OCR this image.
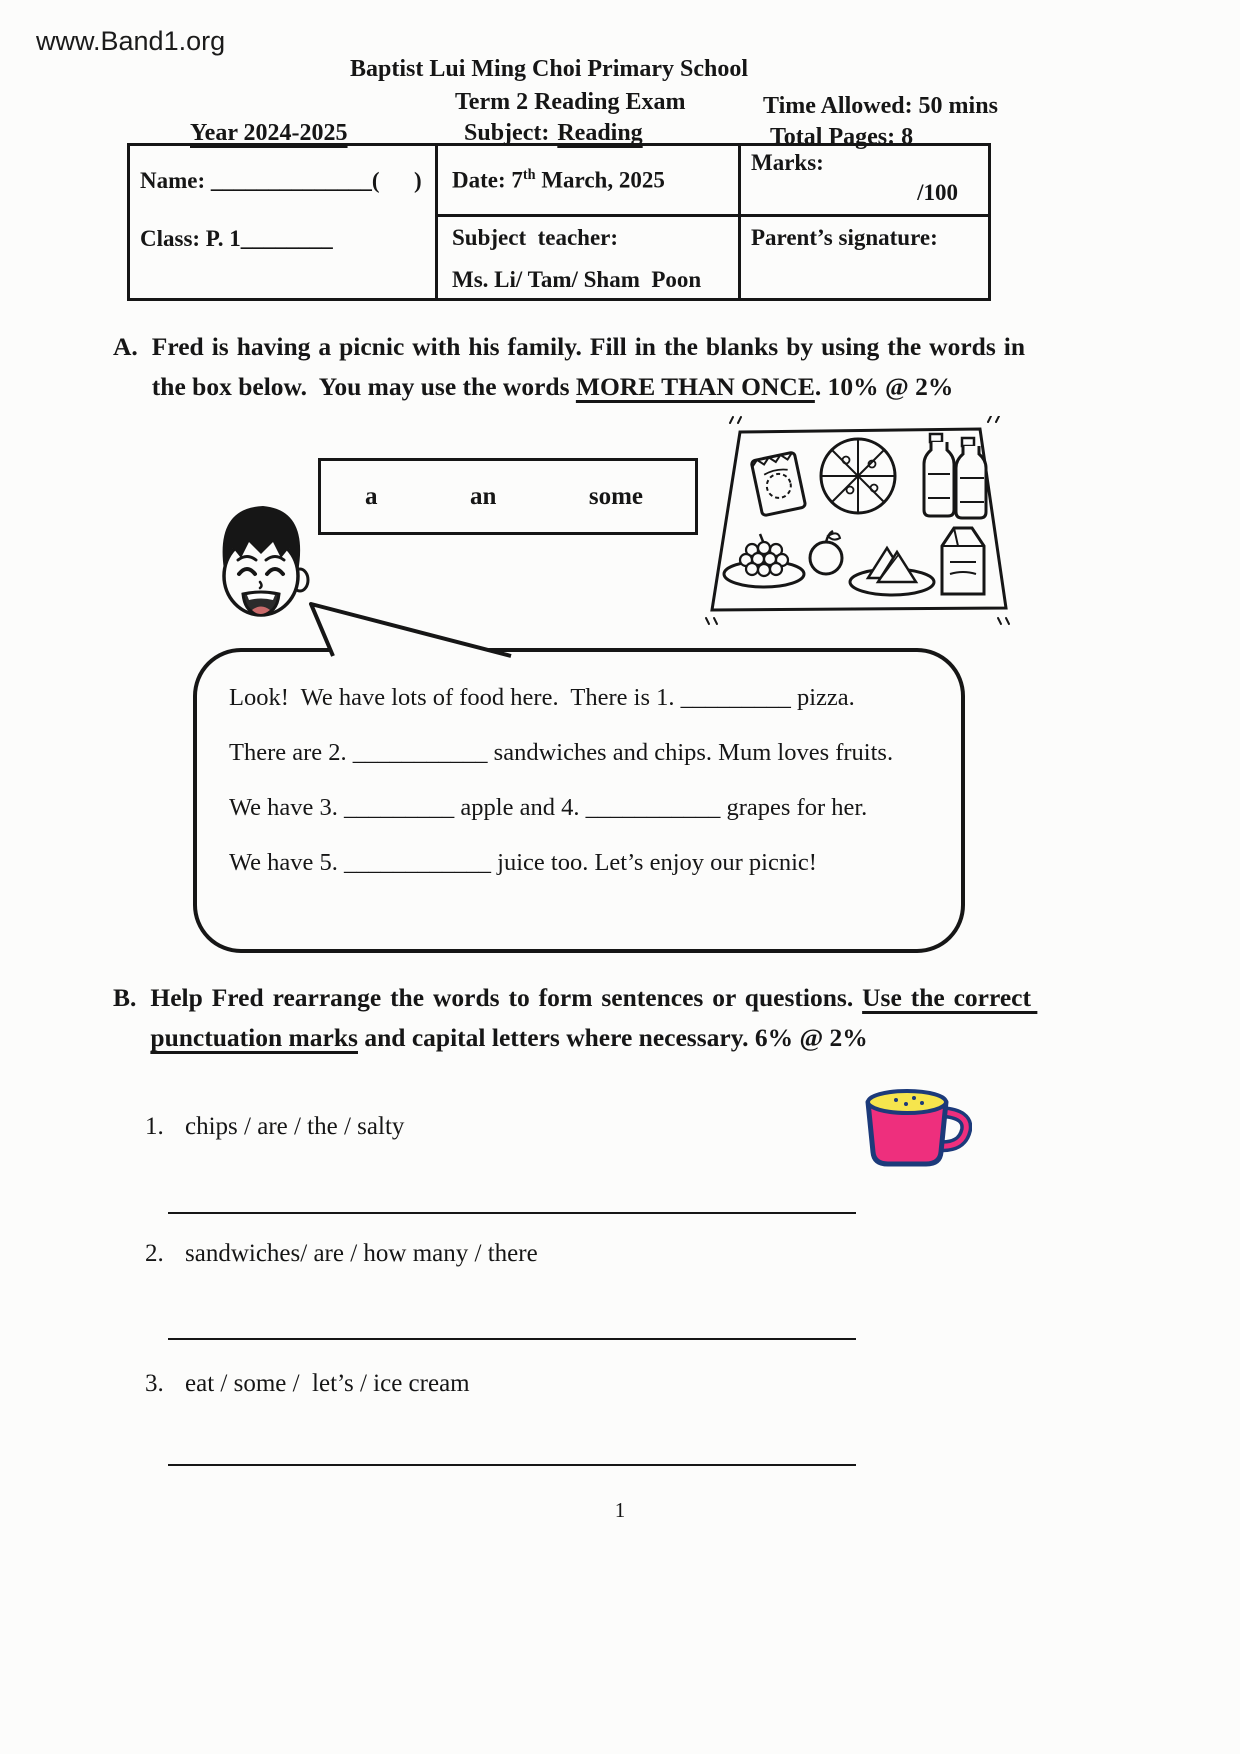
www.Band1.org
Baptist Lui Ming Choi Primary School
Term 2 Reading Exam	Time Allowed: 50 mins
Subject: Reading	Total Pages: 8
Year 2024-2025
Name: ______________(      )
Class: P. 1________
Date: 7th March, 2025
Marks:
/100
Subject  teacher:
Ms. Li/ Tam/ Sham  Poon
Parent’s signature:
A. Fred is having a picnic with his family. Fill in the blanks by using the words in the box below.  You may use the words MORE THAN ONCE. 10% @ 2%
a	an	some

Look!  We have lots of food here.  There is 1. _________ pizza.

There are 2. ___________ sandwiches and chips. Mum loves fruits.

We have 3. _________ apple and 4. ___________ grapes for her.

We have 5. ____________ juice too. Let’s enjoy our picnic!

B. Help Fred rearrange the words to form sentences or questions. Use the correct punctuation marks and capital letters where necessary. 6% @ 2%
1. chips / are / the / salty
2. sandwiches/ are / how many / there
3. eat / some /  let’s / ice cream
1
